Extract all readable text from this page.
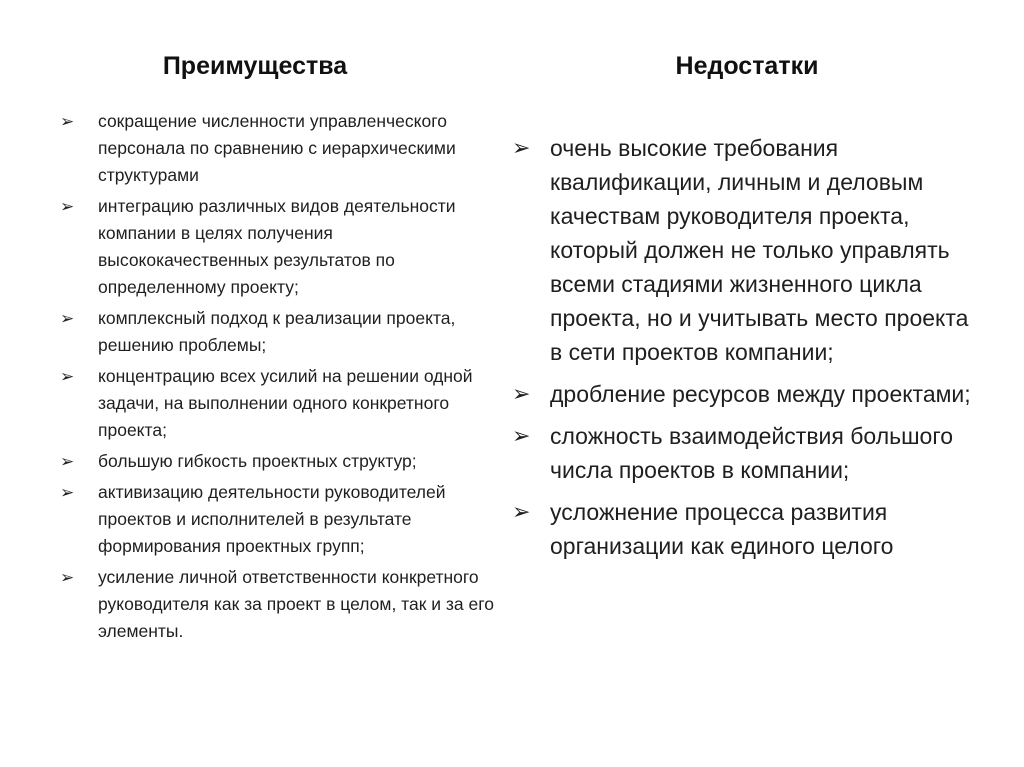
Преимущества
➢ сокращение численности управленческого персонала по сравнению с иерархическими структурами
➢ интеграцию различных видов деятельности компании в целях получения высококачественных результатов по определенному проекту;
➢ комплексный подход к реализации проекта, решению проблемы;
➢ концентрацию всех усилий на решении одной задачи, на выполнении одного конкретного проекта;
➢ большую гибкость проектных структур;
➢ активизацию деятельности руководителей проектов и исполнителей в результате формирования проектных групп;
➢ усиление личной ответственности конкретного руководителя как за проект в целом, так и за его элементы.
Недостатки
➢ очень высокие требования квалификации, личным и деловым качествам руководителя проекта, который должен не только управлять всеми стадиями жизненного цикла проекта, но и учитывать место проекта в сети проектов компании;
➢ дробление ресурсов между проектами;
➢ сложность взаимодействия большого числа проектов в компании;
➢ усложнение процесса развития организации как единого целого
